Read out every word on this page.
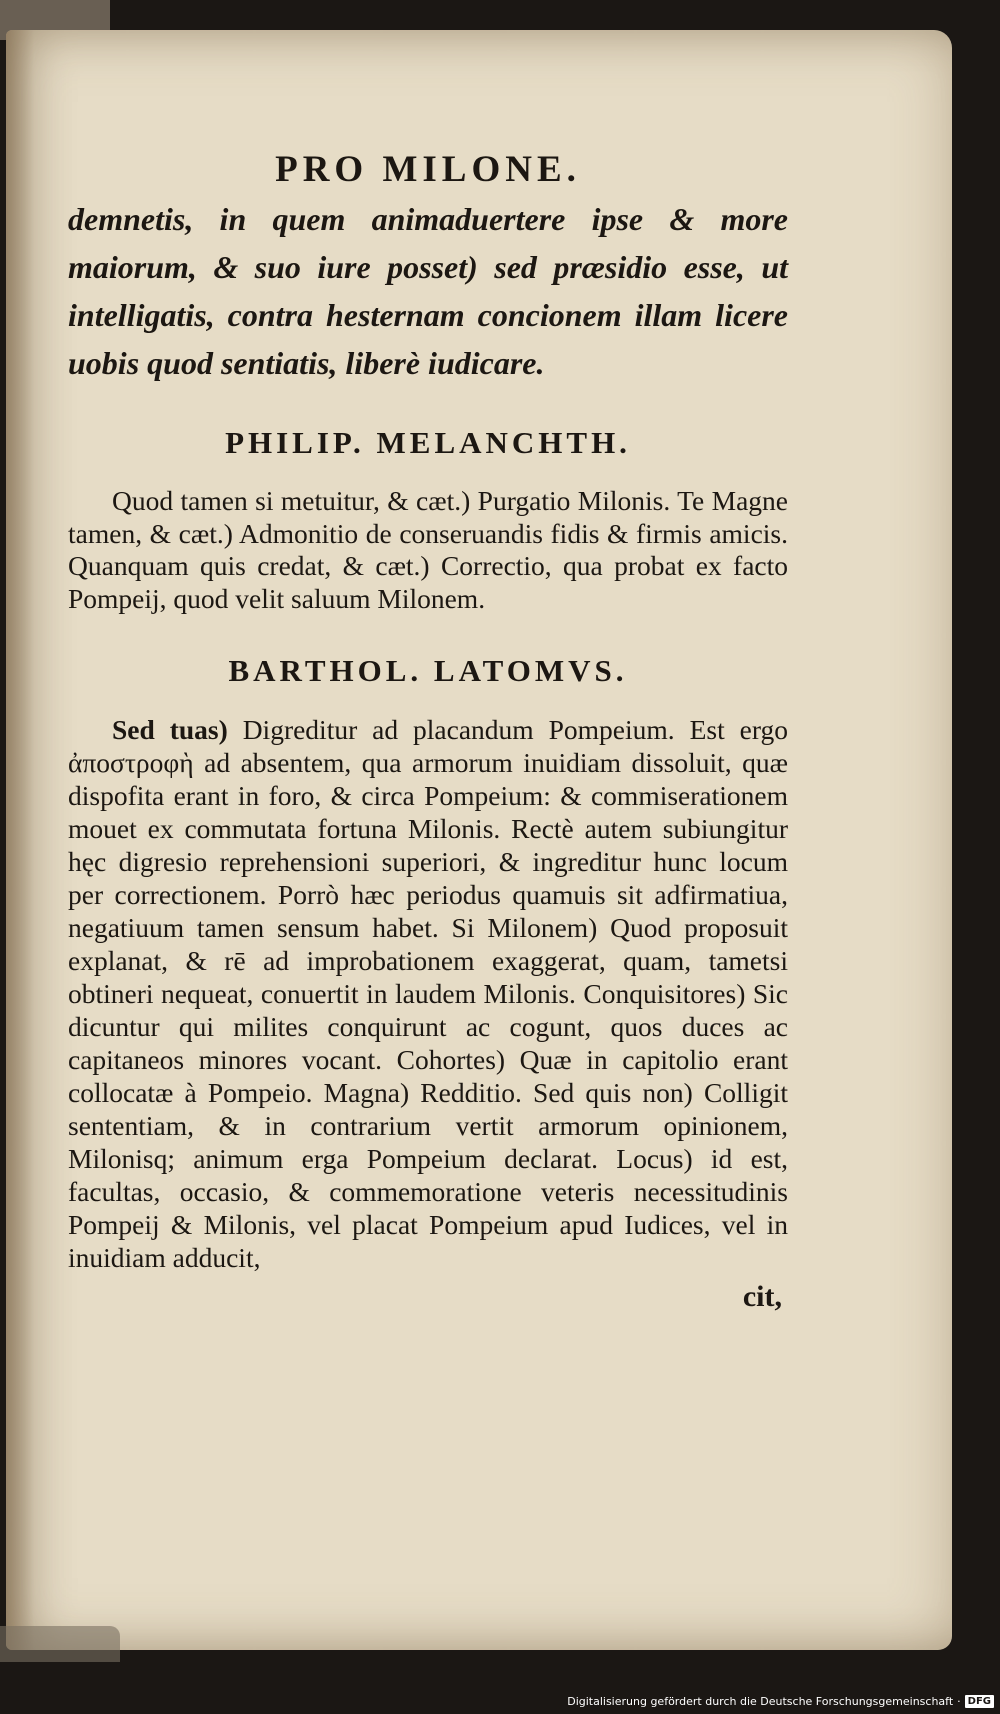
PRO MILONE.

demnetis, in quem animaduertere ipse & more maiorum, & suo iure posset) sed præsidio esse, ut intelligatis, contra hesternam concionem illam licere uobis quod sentiatis, liberè iudicare.

PHILIP. MELANCHTH.

Quod tamen si metuitur, & cæt.) Purgatio Milonis. Te Magne tamen, & cæt.) Admonitio de conseruandis fidis & firmis amicis. Quanquam quis credat, & cæt.) Correctio, qua probat ex facto Pompeij, quod velit saluum Milonem.

BARTHOL. LATOMVS.

Sed tuas) Digreditur ad placandum Pompeium. Est ergo ἀποστροφὴ ad absentem, qua armorum inuidiam dissoluit, quæ dispofita erant in foro, & circa Pompeium: & commiserationem mouet ex commutata fortuna Milonis. Rectè autem subiungitur hęc digresio reprehensioni superiori, & ingreditur hunc locum per correctionem. Porrò hæc periodus quamuis sit adfirmatiua, negatiuum tamen sensum habet. Si Milonem) Quod proposuit explanat, & rē ad improbationem exaggerat, quam, tametsi obtineri nequeat, conuertit in laudem Milonis. Conquisitores) Sic dicuntur qui milites conquirunt ac cogunt, quos duces ac capitaneos minores vocant. Cohortes) Quæ in capitolio erant collocatæ à Pompeio. Magna) Redditio. Sed quis non) Colligit sententiam, & in contrarium vertit armorum opinionem, Milonisq; animum erga Pompeium declarat. Locus) id est, facultas, occasio, & commemoratione veteris necessitudinis Pompeij & Milonis, vel placat Pompeium apud Iudices, vel in inuidiam adducit,

cit,
Digitalisierung gefördert durch die Deutsche Forschungsgemeinschaft · DFG
